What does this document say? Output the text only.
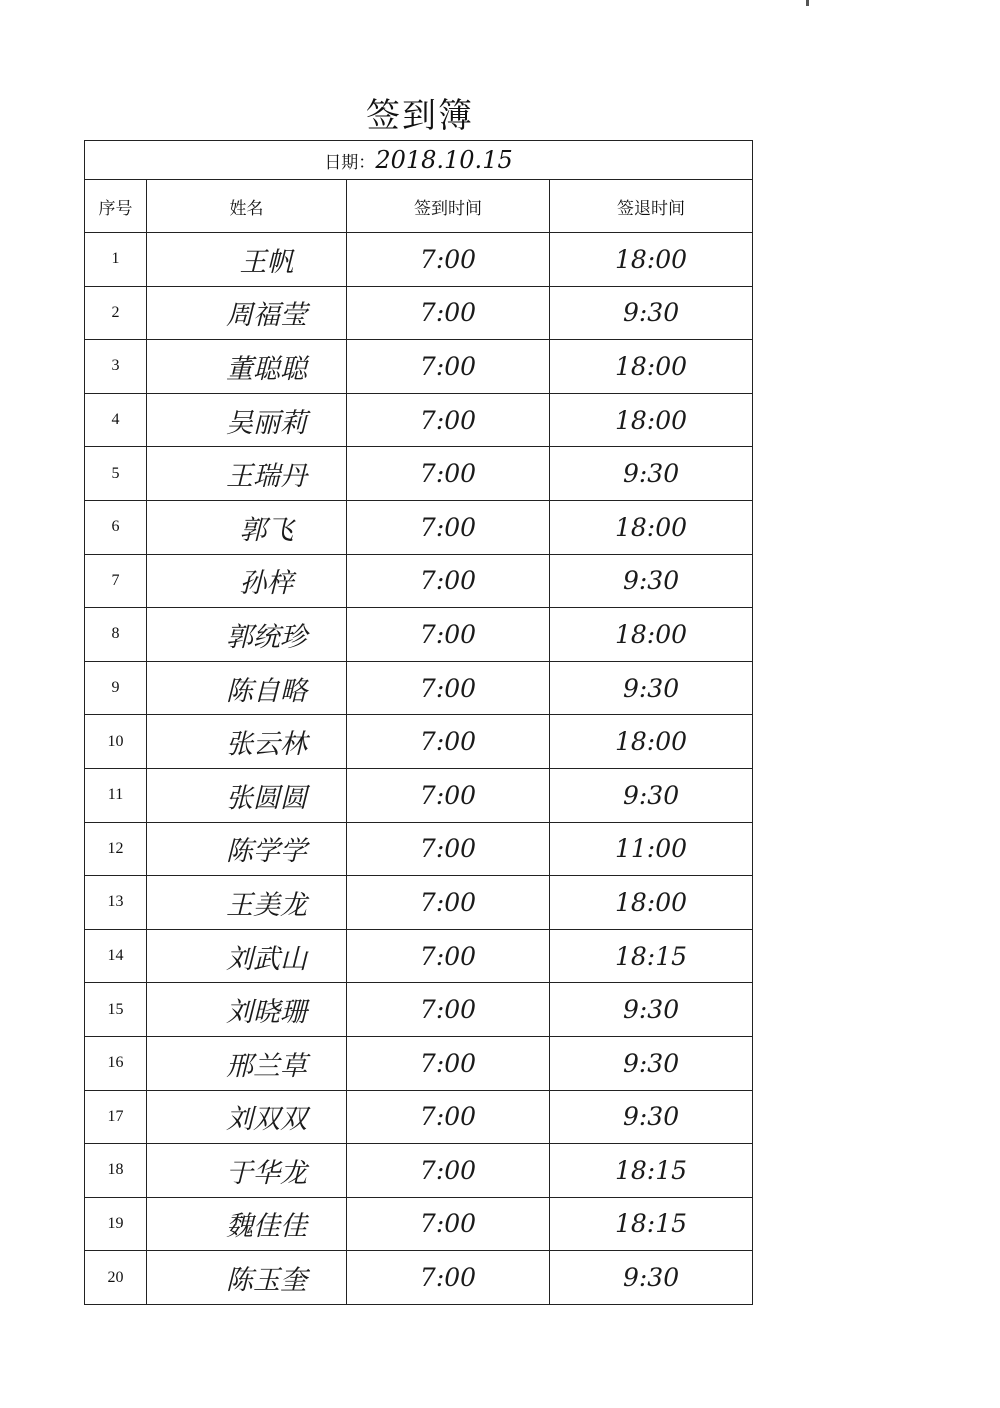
签到簿
日期：2018.10.15			
序号	姓名	签到时间	签退时间
1	王帆	7:00	18:00
2	周福莹	7:00	9:30
3	董聪聪	7:00	18:00
4	吴丽莉	7:00	18:00
5	王瑞丹	7:00	9:30
6	郭飞	7:00	18:00
7	孙梓	7:00	9:30
8	郭统珍	7:00	18:00
9	陈自略	7:00	9:30
10	张云林	7:00	18:00
11	张圆圆	7:00	9:30
12	陈学学	7:00	11:00
13	王美龙	7:00	18:00
14	刘武山	7:00	18:15
15	刘晓珊	7:00	9:30
16	邢兰草	7:00	9:30
17	刘双双	7:00	9:30
18	于华龙	7:00	18:15
19	魏佳佳	7:00	18:15
20	陈玉奎	7:00	9:30
